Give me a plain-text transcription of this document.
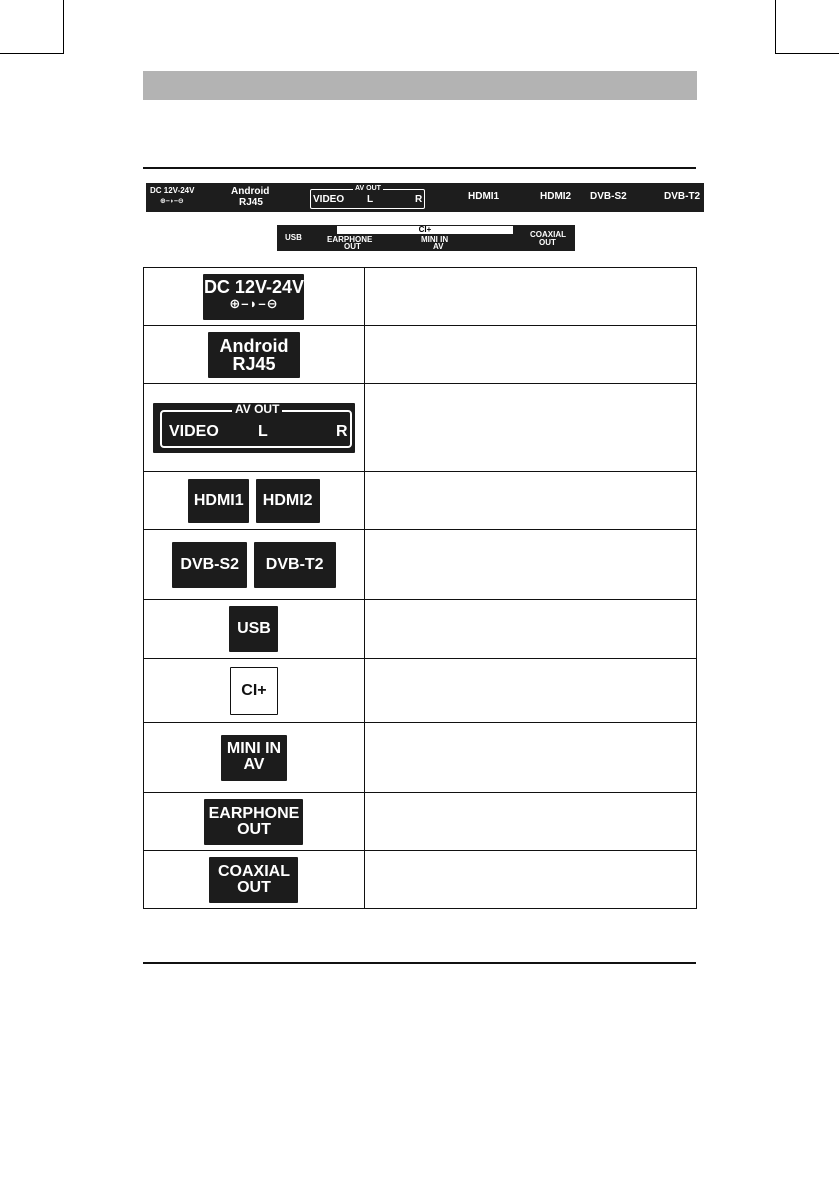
DC 12V-24V
⊕–◗–⊖
Android
RJ45
AV OUT
VIDEO L	R	HDMI1	HDMI2 DVB-S2	DVB-T2
CI+
USB	EARPHONE
OUT
MINI IN
AV
COAXIAL
OUT
DC 12V-24V
⊕–◗–⊖	

Android
RJ45	

AV OUT
VIDEO L R	

HDMI1 HDMI2	
DVB-S2 DVB-T2	
USB	
CI+	

MINI IN
AV	

EARPHONE
OUT	

COAXIAL
OUT	
